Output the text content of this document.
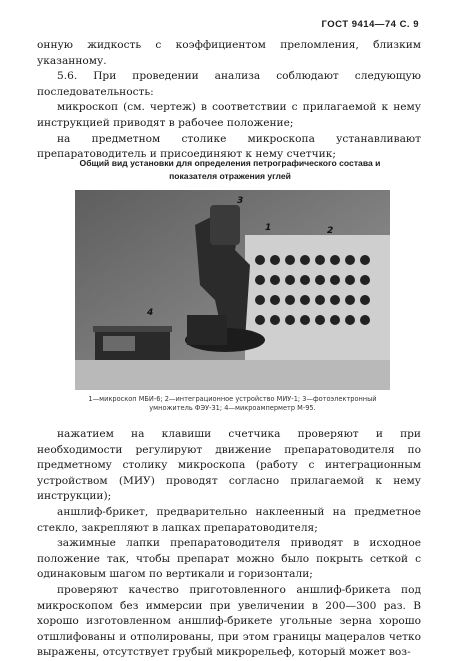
ГОСТ 9414—74 С. 9

онную жидкость с коэффициентом преломления, близким указанному.

5.6. При проведении анализа соблюдают следующую последовательность:

микроскоп (см. чертеж) в соответствии с прилагаемой к нему инструкцией приводят в рабочее положение;

на предметном столике микроскопа устанавливают препаратоводитель и присоединяют к нему счетчик;

Общий вид установки для определения петрографического состава и показателя отражения углей
3
1	2
4
1—микроскоп МБИ-6; 2—интеграционное устройство МИУ-1; 3—фотоэлектронный умножитель ФЭУ-31; 4—микроамперметр М-95.

нажатием на клавиши счетчика проверяют и при необходимости регулируют движение препаратоводителя по предметному столику микроскопа (работу с интеграционным устройством (МИУ) проводят согласно прилагаемой к нему инструкции);

аншлиф-брикет, предварительно наклеенный на предметное стекло, закрепляют в лапках препаратоводителя;

зажимные лапки препаратоводителя приводят в исходное положение так, чтобы препарат можно было покрыть сеткой с одинаковым шагом по вертикали и горизонтали;

проверяют качество приготовленного аншлиф-брикета под микроскопом без иммерсии при увеличении в 200—300 раз. В хорошо изготовленном аншлиф-брикете угольные зерна хорошо отшлифованы и отполированы, при этом границы мацералов четко выражены, отсутствует грубый микрорельеф, который может воз-
